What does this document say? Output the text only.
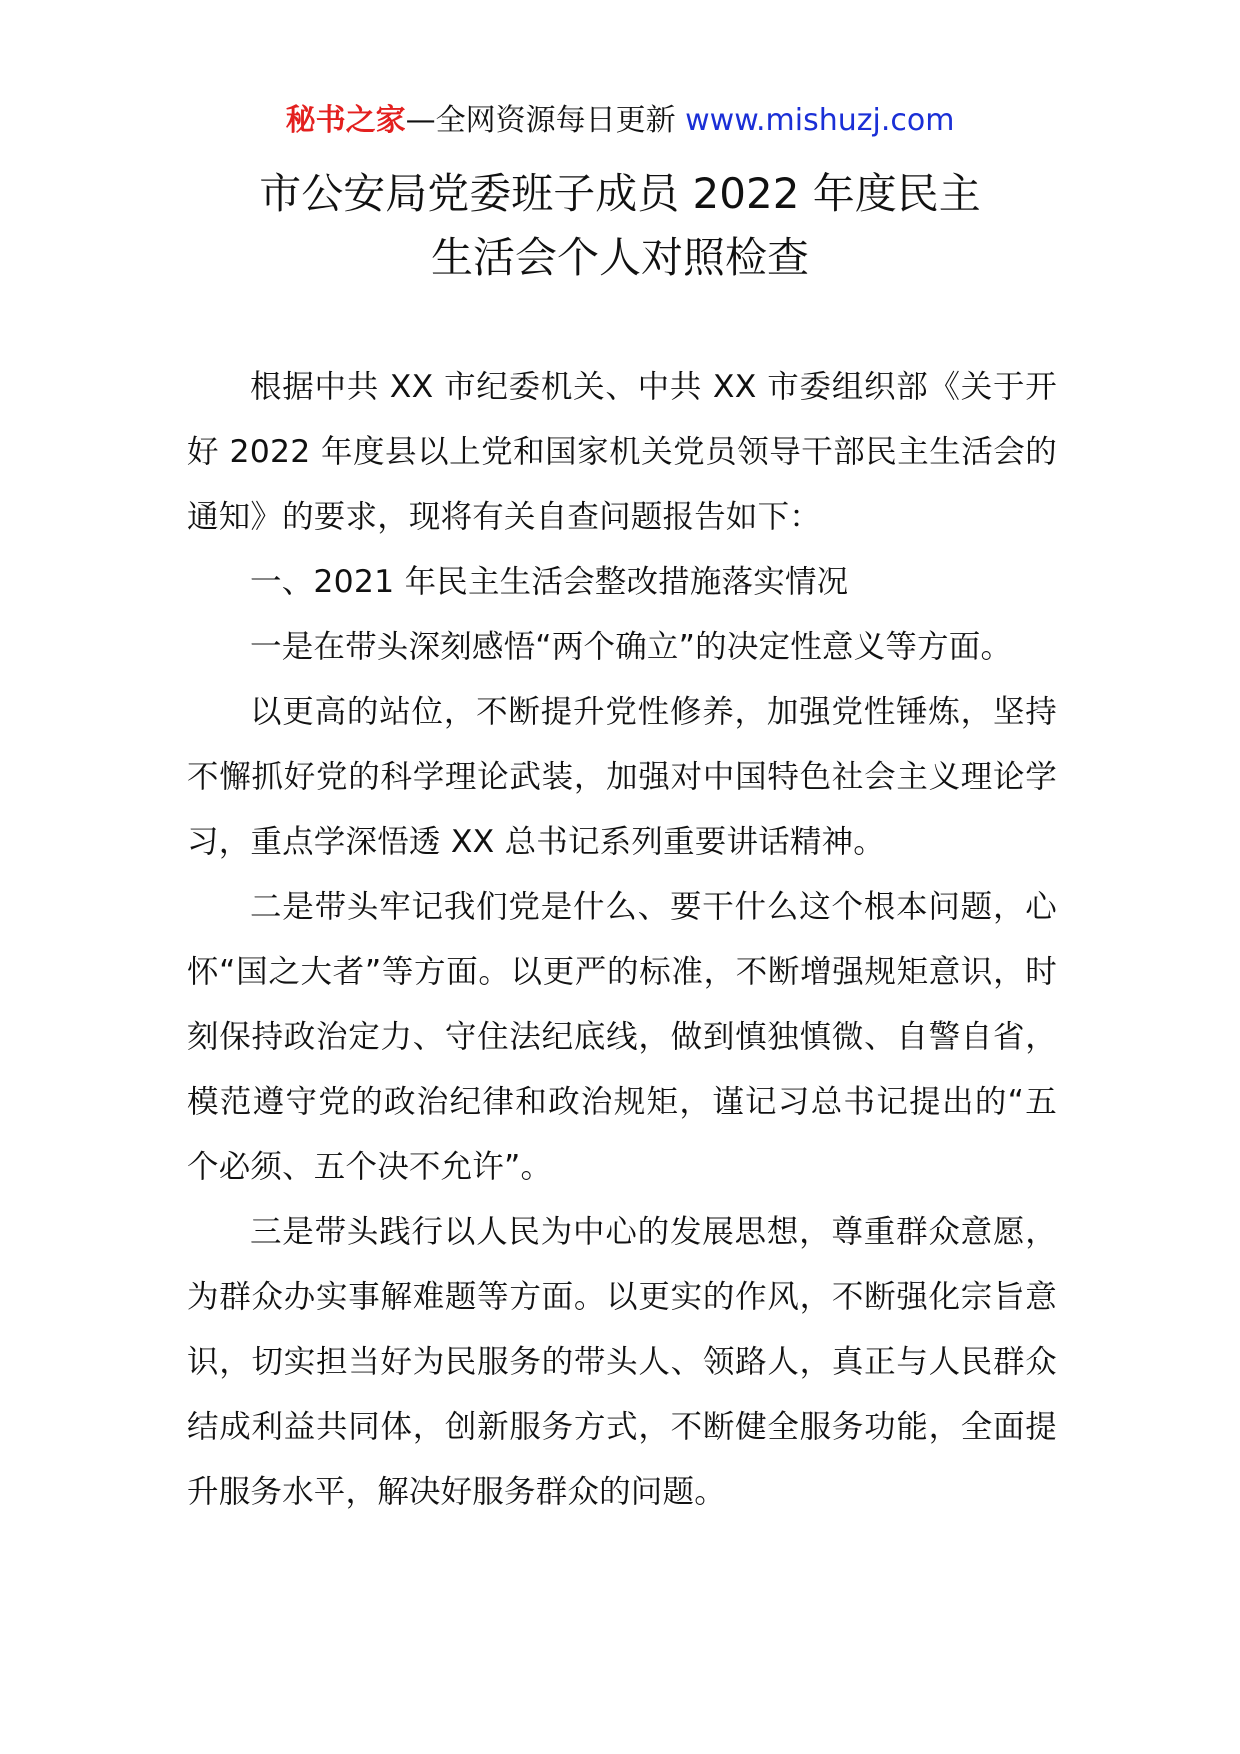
秘书之家—全网资源每日更新 www.mishuzj.com
市公安局党委班子成员 2022 年度民主
生活会个人对照检查

根据中共 XX 市纪委机关、中共 XX 市委组织部《关于开好 2022 年度县以上党和国家机关党员领导干部民主生活会的通知》的要求，现将有关自查问题报告如下：

一、2021 年民主生活会整改措施落实情况

一是在带头深刻感悟“两个确立”的决定性意义等方面。

以更高的站位，不断提升党性修养，加强党性锤炼，坚持不懈抓好党的科学理论武装，加强对中国特色社会主义理论学习，重点学深悟透 XX 总书记系列重要讲话精神。

二是带头牢记我们党是什么、要干什么这个根本问题，心怀“国之大者”等方面。以更严的标准，不断增强规矩意识，时刻保持政治定力、守住法纪底线，做到慎独慎微、自警自省，模范遵守党的政治纪律和政治规矩，谨记习总书记提出的“五个必须、五个决不允许”。

三是带头践行以人民为中心的发展思想，尊重群众意愿，为群众办实事解难题等方面。以更实的作风，不断强化宗旨意识，切实担当好为民服务的带头人、领路人，真正与人民群众结成利益共同体，创新服务方式，不断健全服务功能，全面提升服务水平，解决好服务群众的问题。
